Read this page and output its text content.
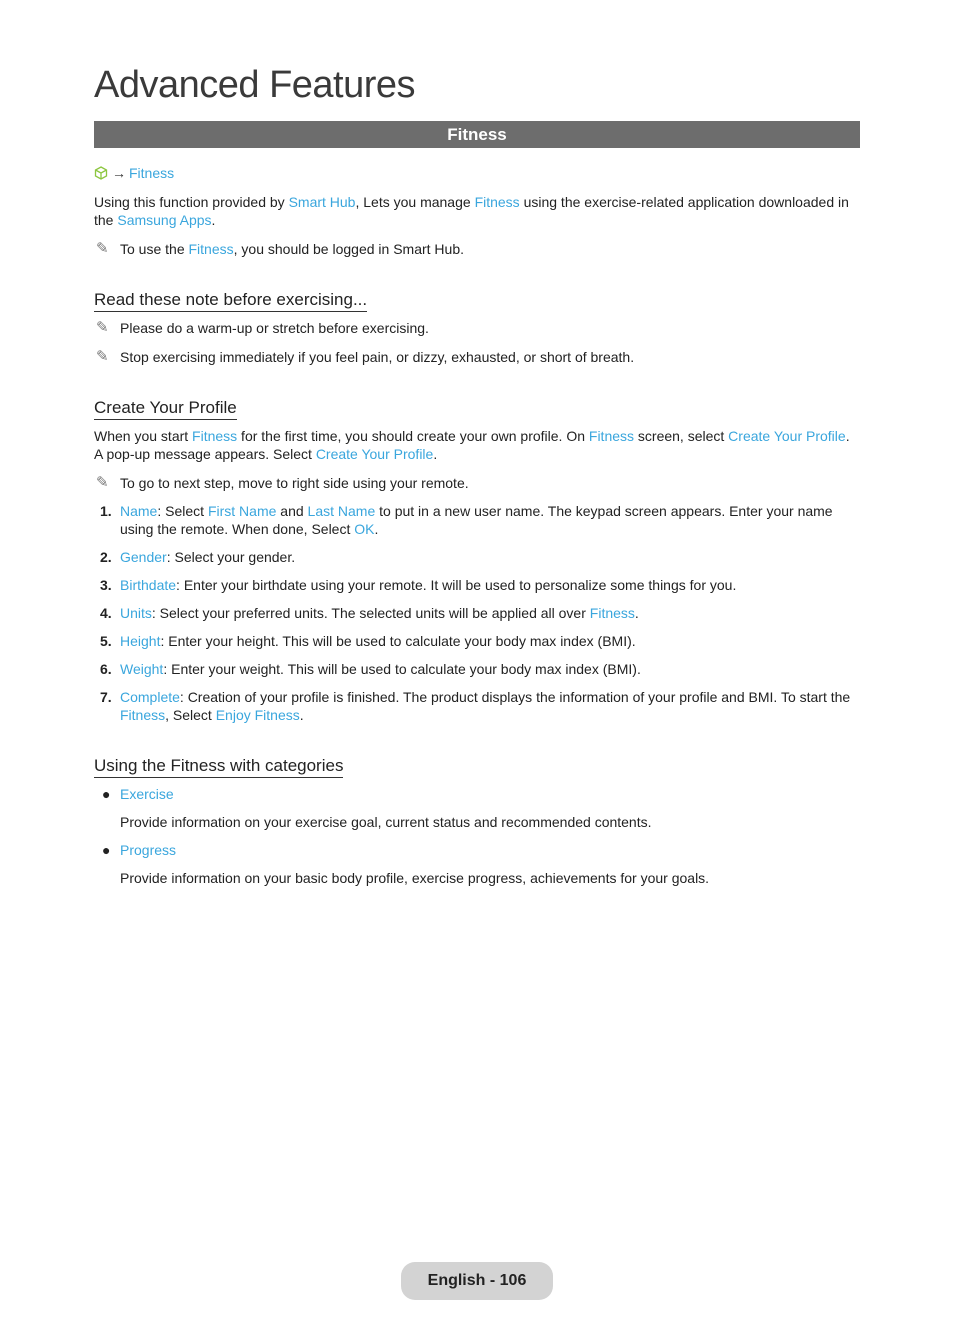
Advanced Features
Fitness
→ Fitness

Using this function provided by Smart Hub, Lets you manage Fitness using the exercise-related application downloaded in the Samsung Apps.

✎ To use the Fitness, you should be logged in Smart Hub.

Read these note before exercising...
✎ Please do a warm-up or stretch before exercising.

✎ Stop exercising immediately if you feel pain, or dizzy, exhausted, or short of breath.

Create Your Profile

When you start Fitness for the first time, you should create your own profile. On Fitness screen, select Create Your Profile. A pop-up message appears. Select Create Your Profile.

✎ To go to next step, move to right side using your remote.

1. Name: Select First Name and Last Name to put in a new user name. The keypad screen appears. Enter your name using the remote. When done, Select OK.

2. Gender: Select your gender.

3. Birthdate: Enter your birthdate using your remote. It will be used to personalize some things for you.

4. Units: Select your preferred units. The selected units will be applied all over Fitness.

5. Height: Enter your height. This will be used to calculate your body max index (BMI).

6. Weight: Enter your weight. This will be used to calculate your body max index (BMI).

7. Complete: Creation of your profile is finished. The product displays the information of your profile and BMI. To start the Fitness, Select Enjoy Fitness.

Using the Fitness with categories
● Exercise

Provide information on your exercise goal, current status and recommended contents.

● Progress

Provide information on your basic body profile, exercise progress, achievements for your goals.

English - 106
